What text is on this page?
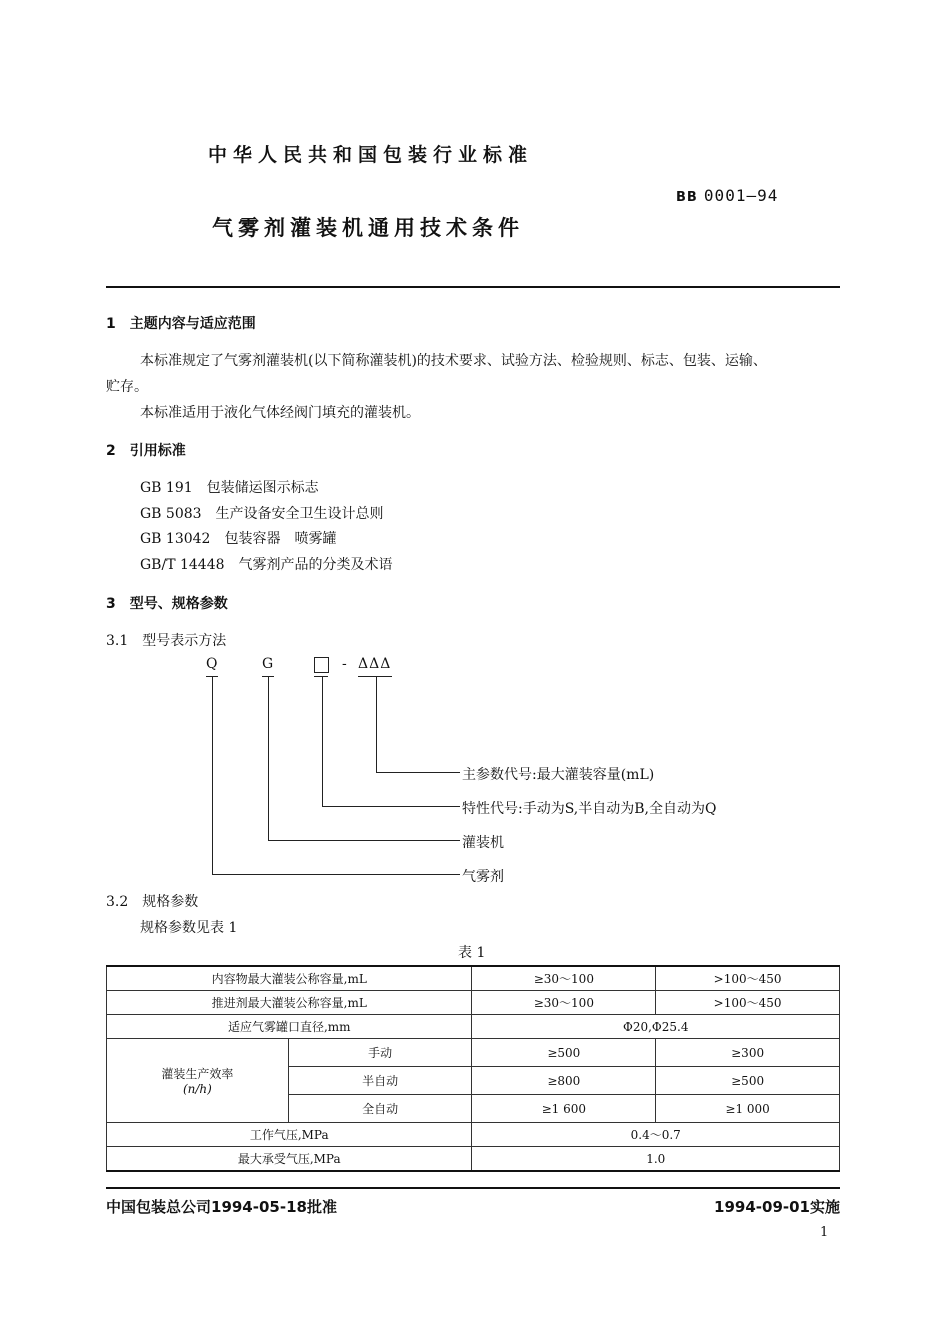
中华人民共和国包装行业标准
BB 0001—94
气雾剂灌装机通用技术条件
1　主题内容与适应范围
本标准规定了气雾剂灌装机(以下简称灌装机)的技术要求、试验方法、检验规则、标志、包装、运输、
贮存。
本标准适用于液化气体经阀门填充的灌装机。
2　引用标准
GB 191　包装储运图示标志
GB 5083　生产设备安全卫生设计总则
GB 13042　包装容器　喷雾罐
GB/T 14448　气雾剂产品的分类及术语
3　型号、规格参数
3.1　型号表示方法
Q	G	- ΔΔΔ
主参数代号:最大灌装容量(mL)
特性代号:手动为S,半自动为B,全自动为Q
灌装机
气雾剂
3.2　规格参数
规格参数见表 1
表 1
内容物最大灌装公称容量,mL		≥30～100	>100～450
推进剂最大灌装公称容量,mL		≥30～100	>100～450
适应气雾罐口直径,mm		Φ20,Φ25.4	

灌装生产效率
(n/h)	手动	≥500	≥300
	半自动	≥800	≥500
	全自动	≥1 600	≥1 000
工作气压,MPa		0.4～0.7	
最大承受气压,MPa		1.0	
中国包装总公司1994-05-18批准	1994-09-01实施
1
